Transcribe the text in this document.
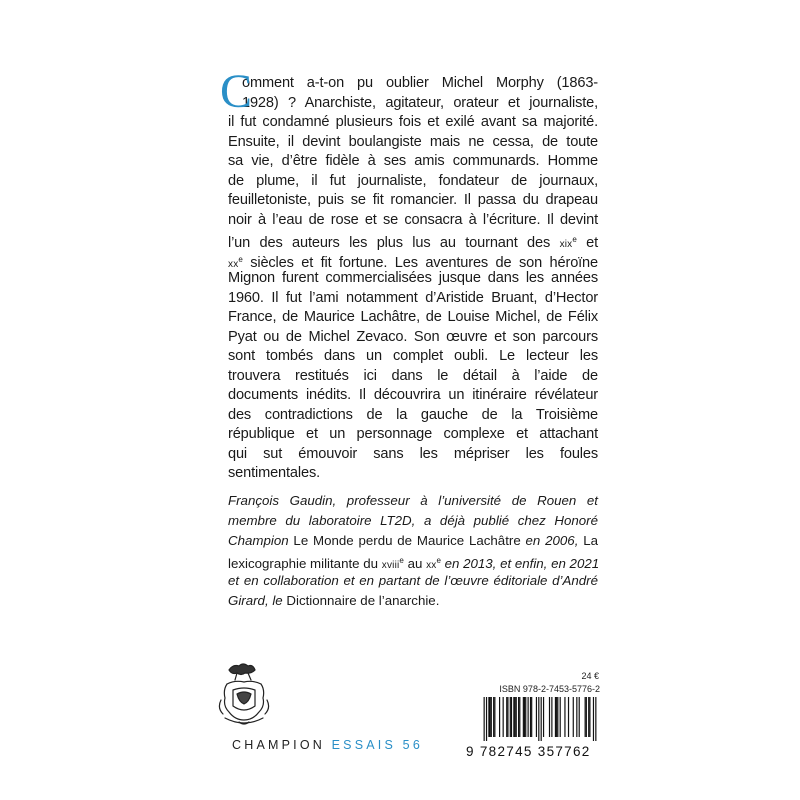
C
omment a-t-on pu oublier Michel Morphy (1863-
1928) ? Anarchiste, agitateur, orateur et journaliste,
il fut condamné plusieurs fois et exilé avant sa majorité.
Ensuite, il devint boulangiste mais ne cessa, de toute
sa vie, d’être fidèle à ses amis communards. Homme
de plume, il fut journaliste, fondateur de journaux,
feuilletoniste, puis se fit romancier. Il passa du drapeau
noir à l’eau de rose et se consacra à l’écriture. Il devint
l’un des auteurs les plus lus au tournant des xix$^e$ et
$xx^e$ siècles et fit fortune. Les aventures de son héroïne
Mignon furent commercialisées jusque dans les années
1960. Il fut l’ami notamment d’Aristide Bruant, d’Hector
France, de Maurice Lachâtre, de Louise Michel, de Félix
Pyat ou de Michel Zevaco. Son œuvre et son parcours
sont tombés dans un complet oubli. Le lecteur les
trouvera restitués ici dans le détail à l’aide de
documents inédits. Il découvrira un itinéraire révélateur
des contradictions de la gauche de la Troisième
république et un personnage complexe et attachant
qui sut émouvoir sans les mépriser les foules
sentimentales.
François Gaudin, professeur à l’université de Rouen et
membre du laboratoire LT2D, a déjà publié chez Honoré
Champion Le Monde perdu de Maurice Lachâtre en 2006, La
lexicographie militante du xviii$^e$ au $xx^e$ en 2013, et enfin, en 2021
et en collaboration et en partant de l’œuvre éditoriale d’André
Girard, le Dictionnaire de l’anarchie.
CHAMPION ESSAIS 56
24 €
ISBN 978-2-7453-5776-2
9 782745 357762
